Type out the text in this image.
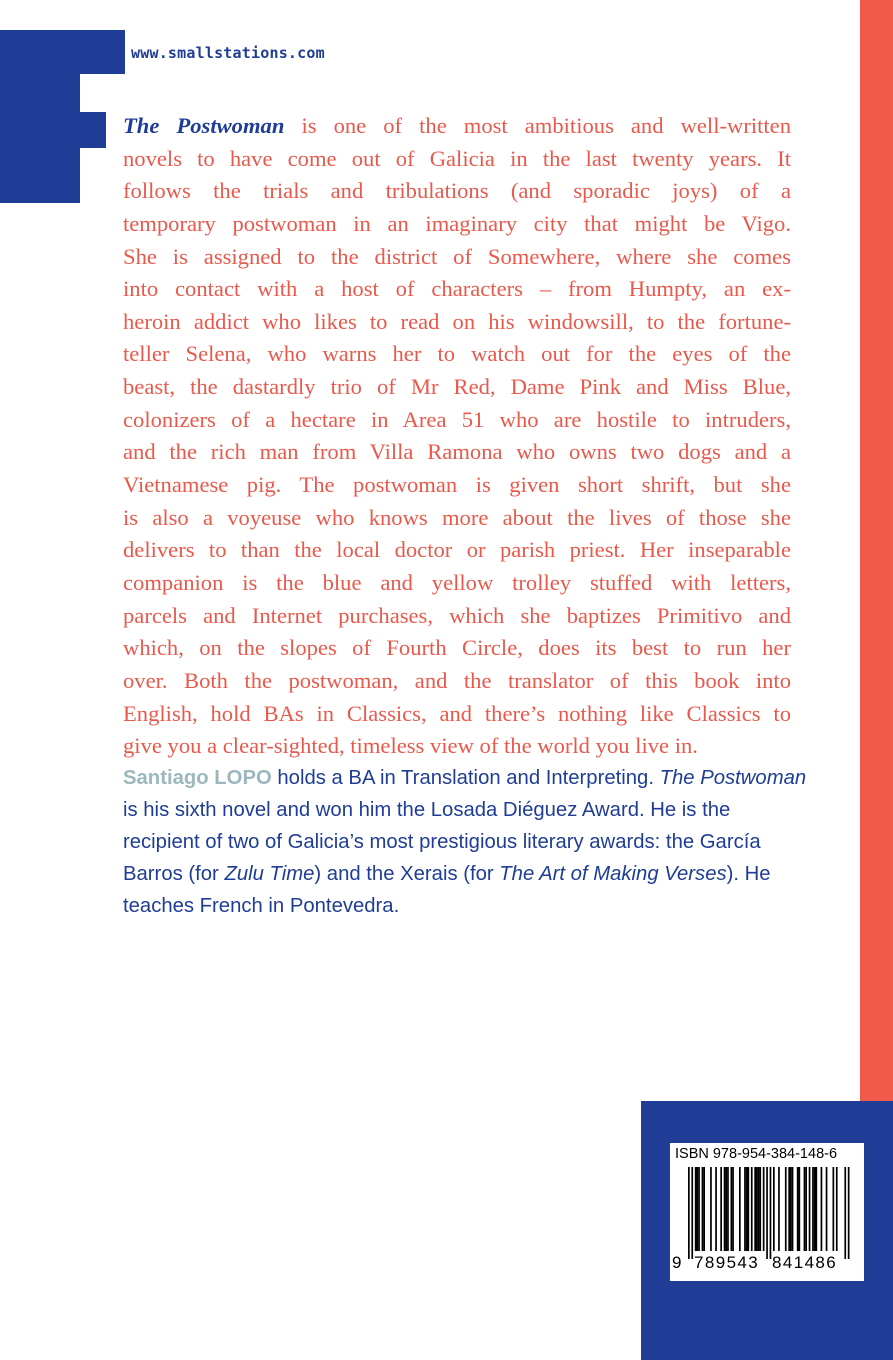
www.smallstations.com
The Postwoman is one of the most ambitious and well-written
novels to have come out of Galicia in the last twenty years. It
follows the trials and tribulations (and sporadic joys) of a
temporary postwoman in an imaginary city that might be Vigo.
She is assigned to the district of Somewhere, where she comes
into contact with a host of characters – from Humpty, an ex-
heroin addict who likes to read on his windowsill, to the fortune-
teller Selena, who warns her to watch out for the eyes of the
beast, the dastardly trio of Mr Red, Dame Pink and Miss Blue,
colonizers of a hectare in Area 51 who are hostile to intruders,
and the rich man from Villa Ramona who owns two dogs and a
Vietnamese pig. The postwoman is given short shrift, but she
is also a voyeuse who knows more about the lives of those she
delivers to than the local doctor or parish priest. Her inseparable
companion is the blue and yellow trolley stuffed with letters,
parcels and Internet purchases, which she baptizes Primitivo and
which, on the slopes of Fourth Circle, does its best to run her
over. Both the postwoman, and the translator of this book into
English, hold BAs in Classics, and there’s nothing like Classics to
give you a clear-sighted, timeless view of the world you live in.
Santiago LOPO holds a BA in Translation and Interpreting. The Postwoman
is his sixth novel and won him the Losada Diéguez Award. He is the
recipient of two of Galicia’s most prestigious literary awards: the García
Barros (for Zulu Time) and the Xerais (for The Art of Making Verses). He
teaches French in Pontevedra.
ISBN 978-954-384-148-6
9 789543 841486
